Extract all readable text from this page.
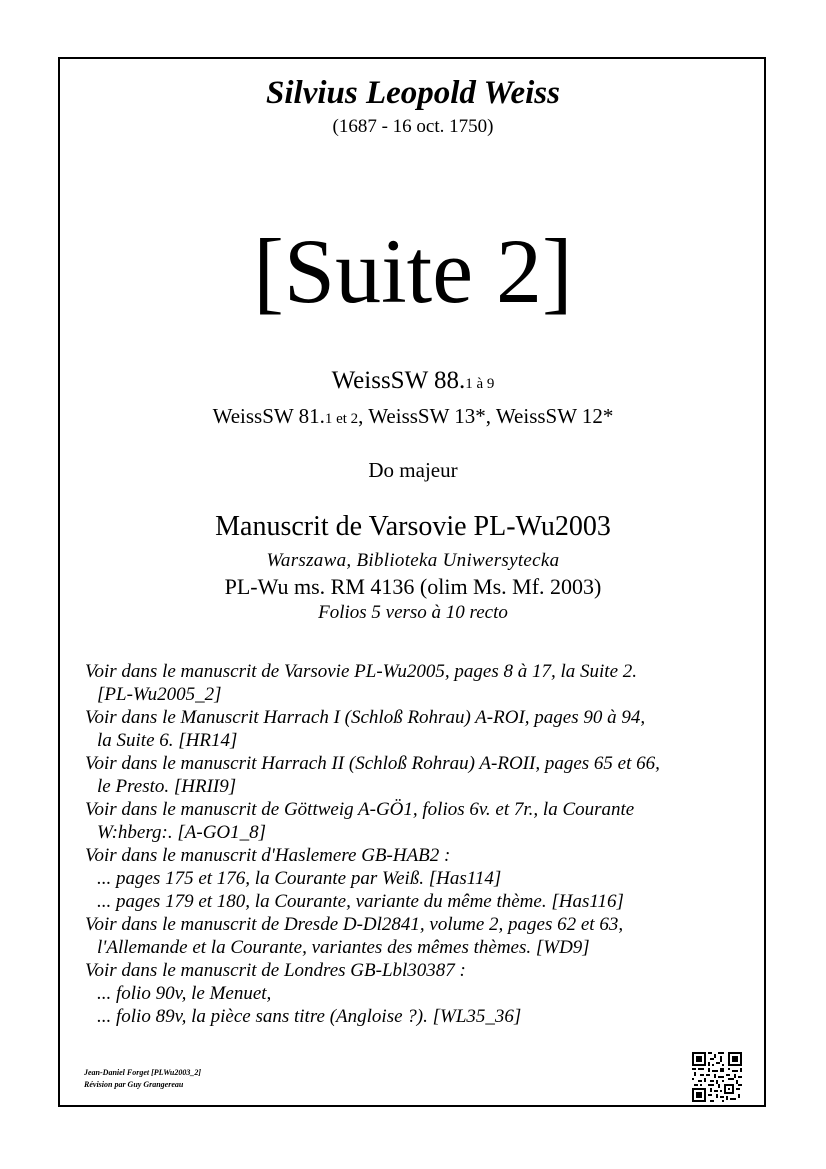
Silvius Leopold Weiss
(1687 - 16 oct. 1750)
[Suite 2]
WeissSW 88.1 à 9
WeissSW 81.1 et 2, WeissSW 13*, WeissSW 12*
Do majeur
Manuscrit de Varsovie PL-Wu2003
Warszawa, Biblioteka Uniwersytecka
PL-Wu ms. RM 4136 (olim Ms. Mf. 2003)
Folios 5 verso à 10 recto
Voir dans le manuscrit de Varsovie PL-Wu2005, pages 8 à 17, la Suite 2.
[PL-Wu2005_2]
Voir dans le Manuscrit Harrach I (Schloß Rohrau) A-ROI, pages 90 à 94,
la Suite 6. [HR14]
Voir dans le manuscrit Harrach II (Schloß Rohrau) A-ROII, pages 65 et 66,
le Presto. [HRII9]
Voir dans le manuscrit de Göttweig A-GÖ1, folios 6v. et 7r., la Courante
W:hberg:. [A-GO1_8]
Voir dans le manuscrit d'Haslemere GB-HAB2 :
... pages 175 et 176, la Courante par Weiß. [Has114]
... pages 179 et 180, la Courante, variante du même thème. [Has116]
Voir dans le manuscrit de Dresde D-Dl2841, volume 2, pages 62 et 63,
l'Allemande et la Courante, variantes des mêmes thèmes. [WD9]
Voir dans le manuscrit de Londres GB-Lbl30387 :
... folio 90v, le Menuet,
... folio 89v, la pièce sans titre (Angloise ?). [WL35_36]
Jean-Daniel Forget [PLWu2003_2]
Révision par Guy Grangereau
